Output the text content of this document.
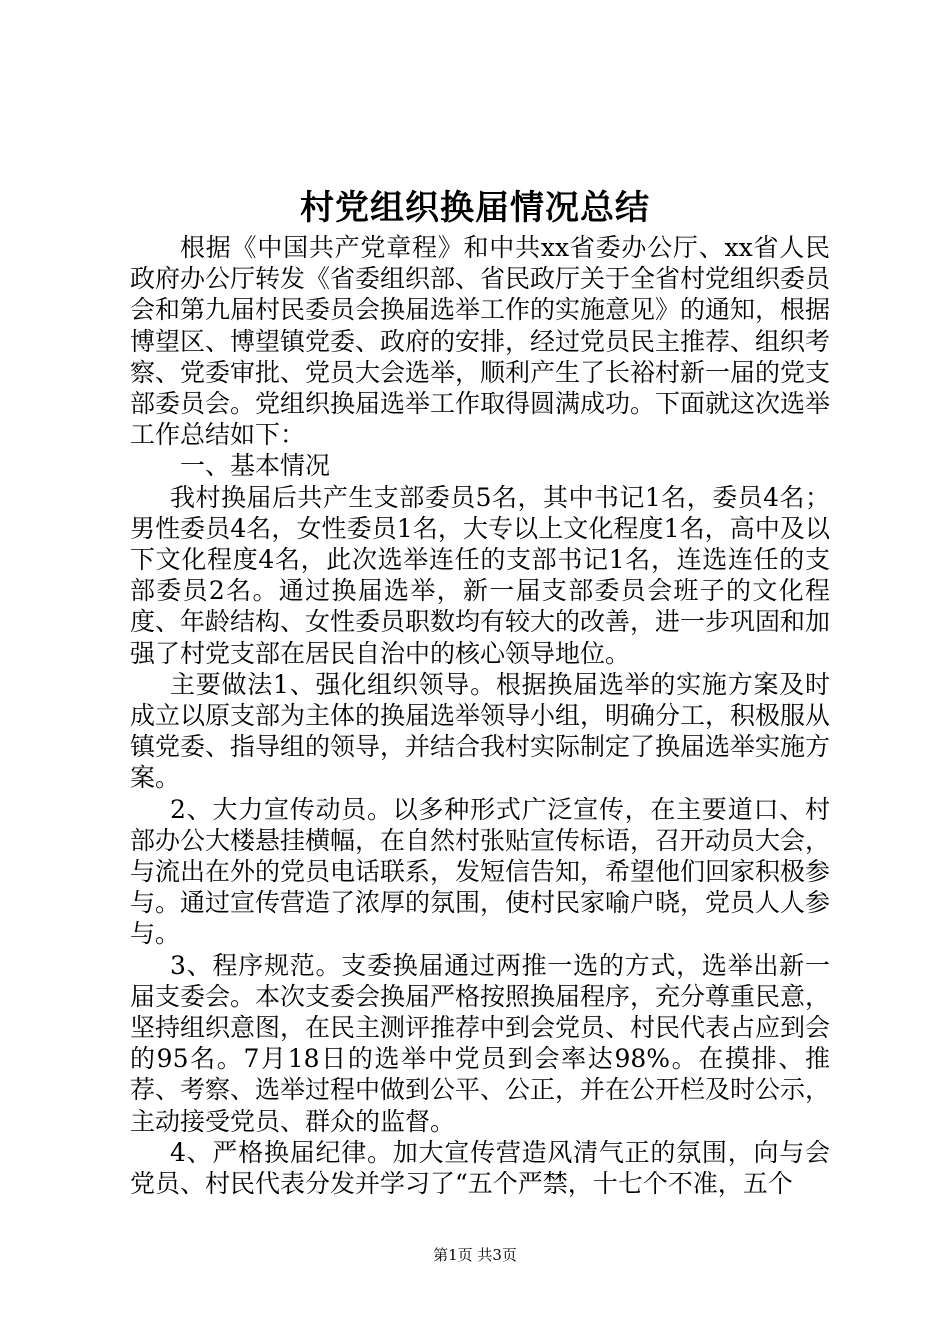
村党组织换届情况总结

根据《中国共产党章程》和中共xx省委办公厅、xx省人民政府办公厅转发《省委组织部、省民政厅关于全省村党组织委员会和第九届村民委员会换届选举工作的实施意见》的通知，根据博望区、博望镇党委、政府的安排，经过党员民主推荐、组织考察、党委审批、党员大会选举，顺利产生了长裕村新一届的党支部委员会。党组织换届选举工作取得圆满成功。下面就这次选举工作总结如下：

一、基本情况

我村换届后共产生支部委员5名，其中书记1名，委员4名；男性委员4名，女性委员1名，大专以上文化程度1名，高中及以下文化程度4名，此次选举连任的支部书记1名，连选连任的支部委员2名。通过换届选举，新一届支部委员会班子的文化程度、年龄结构、女性委员职数均有较大的改善，进一步巩固和加强了村党支部在居民自治中的核心领导地位。

主要做法1、强化组织领导。根据换届选举的实施方案及时成立以原支部为主体的换届选举领导小组，明确分工，积极服从镇党委、指导组的领导，并结合我村实际制定了换届选举实施方案。

2、大力宣传动员。以多种形式广泛宣传，在主要道口、村部办公大楼悬挂横幅，在自然村张贴宣传标语，召开动员大会，与流出在外的党员电话联系，发短信告知，希望他们回家积极参与。通过宣传营造了浓厚的氛围，使村民家喻户晓，党员人人参与。

3、程序规范。支委换届通过两推一选的方式，选举出新一届支委会。本次支委会换届严格按照换届程序，充分尊重民意，坚持组织意图，在民主测评推荐中到会党员、村民代表占应到会的95名。7月18日的选举中党员到会率达98%。在摸排、推荐、考察、选举过程中做到公平、公正，并在公开栏及时公示，主动接受党员、群众的监督。

4、严格换届纪律。加大宣传营造风清气正的氛围，向与会党员、村民代表分发并学习了“五个严禁，十七个不准，五个

第1页 共3页
